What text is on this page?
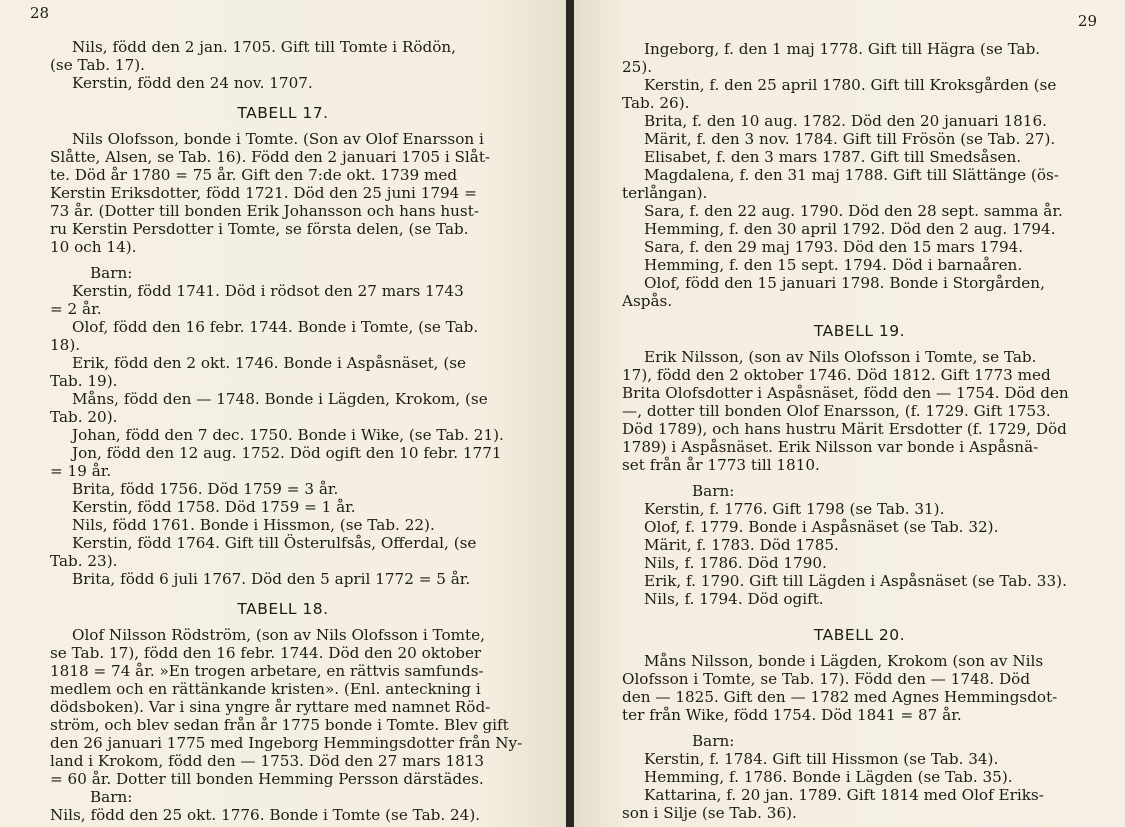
28
Nils, född den 2 jan. 1705. Gift till Tomte i Rödön,
(se Tab. 17).
Kerstin, född den 24 nov. 1707.
TABELL 17.
Nils Olofsson, bonde i Tomte. (Son av Olof Enarsson i
Slåtte, Alsen, se Tab. 16). Född den 2 januari 1705 i Slåt-
te. Död år 1780 = 75 år. Gift den 7:de okt. 1739 med
Kerstin Eriksdotter, född 1721. Död den 25 juni 1794 =
73 år. (Dotter till bonden Erik Johansson och hans hust-
ru Kerstin Persdotter i Tomte, se första delen, (se Tab.
10 och 14).
Barn:
Kerstin, född 1741. Död i rödsot den 27 mars 1743
= 2 år.
Olof, född den 16 febr. 1744. Bonde i Tomte, (se Tab.
18).
Erik, född den 2 okt. 1746. Bonde i Aspåsnäset, (se
Tab. 19).
Måns, född den — 1748. Bonde i Lägden, Krokom, (se
Tab. 20).
Johan, född den 7 dec. 1750. Bonde i Wike, (se Tab. 21).
Jon, född den 12 aug. 1752. Död ogift den 10 febr. 1771
= 19 år.
Brita, född 1756. Död 1759 = 3 år.
Kerstin, född 1758. Död 1759 = 1 år.
Nils, född 1761. Bonde i Hissmon, (se Tab. 22).
Kerstin, född 1764. Gift till Österulfsås, Offerdal, (se
Tab. 23).
Brita, född 6 juli 1767. Död den 5 april 1772 = 5 år.
TABELL 18.
Olof Nilsson Rödström, (son av Nils Olofsson i Tomte,
se Tab. 17), född den 16 febr. 1744. Död den 20 oktober
1818 = 74 år. »En trogen arbetare, en rättvis samfunds-
medlem och en rättänkande kristen». (Enl. anteckning i
dödsboken). Var i sina yngre år ryttare med namnet Röd-
ström, och blev sedan från år 1775 bonde i Tomte. Blev gift
den 26 januari 1775 med Ingeborg Hemmingsdotter från Ny-
land i Krokom, född den — 1753. Död den 27 mars 1813
= 60 år. Dotter till bonden Hemming Persson därstädes.
Barn:
Nils, född den 25 okt. 1776. Bonde i Tomte (se Tab. 24).
29
Ingeborg, f. den 1 maj 1778. Gift till Hägra (se Tab.
25).
Kerstin, f. den 25 april 1780. Gift till Kroksgården (se
Tab. 26).
Brita, f. den 10 aug. 1782. Död den 20 januari 1816.
Märit, f. den 3 nov. 1784. Gift till Frösön (se Tab. 27).
Elisabet, f. den 3 mars 1787. Gift till Smedsåsen.
Magdalena, f. den 31 maj 1788. Gift till Slättänge (ös-
terlångan).
Sara, f. den 22 aug. 1790. Död den 28 sept. samma år.
Hemming, f. den 30 april 1792. Död den 2 aug. 1794.
Sara, f. den 29 maj 1793. Död den 15 mars 1794.
Hemming, f. den 15 sept. 1794. Död i barnaåren.
Olof, född den 15 januari 1798. Bonde i Storgården,
Aspås.
TABELL 19.
Erik Nilsson, (son av Nils Olofsson i Tomte, se Tab.
17), född den 2 oktober 1746. Död 1812. Gift 1773 med
Brita Olofsdotter i Aspåsnäset, född den — 1754. Död den
—, dotter till bonden Olof Enarsson, (f. 1729. Gift 1753.
Död 1789), och hans hustru Märit Ersdotter (f. 1729, Död
1789) i Aspåsnäset. Erik Nilsson var bonde i Aspåsnä-
set från år 1773 till 1810.
Barn:
Kerstin, f. 1776. Gift 1798 (se Tab. 31).
Olof, f. 1779. Bonde i Aspåsnäset (se Tab. 32).
Märit, f. 1783. Död 1785.
Nils, f. 1786. Död 1790.
Erik, f. 1790. Gift till Lägden i Aspåsnäset (se Tab. 33).
Nils, f. 1794. Död ogift.
TABELL 20.
Måns Nilsson, bonde i Lägden, Krokom (son av Nils
Olofsson i Tomte, se Tab. 17). Född den — 1748. Död
den — 1825. Gift den — 1782 med Agnes Hemmingsdot-
ter från Wike, född 1754. Död 1841 = 87 år.
Barn:
Kerstin, f. 1784. Gift till Hissmon (se Tab. 34).
Hemming, f. 1786. Bonde i Lägden (se Tab. 35).
Kattarina, f. 20 jan. 1789. Gift 1814 med Olof Eriks-
son i Silje (se Tab. 36).
